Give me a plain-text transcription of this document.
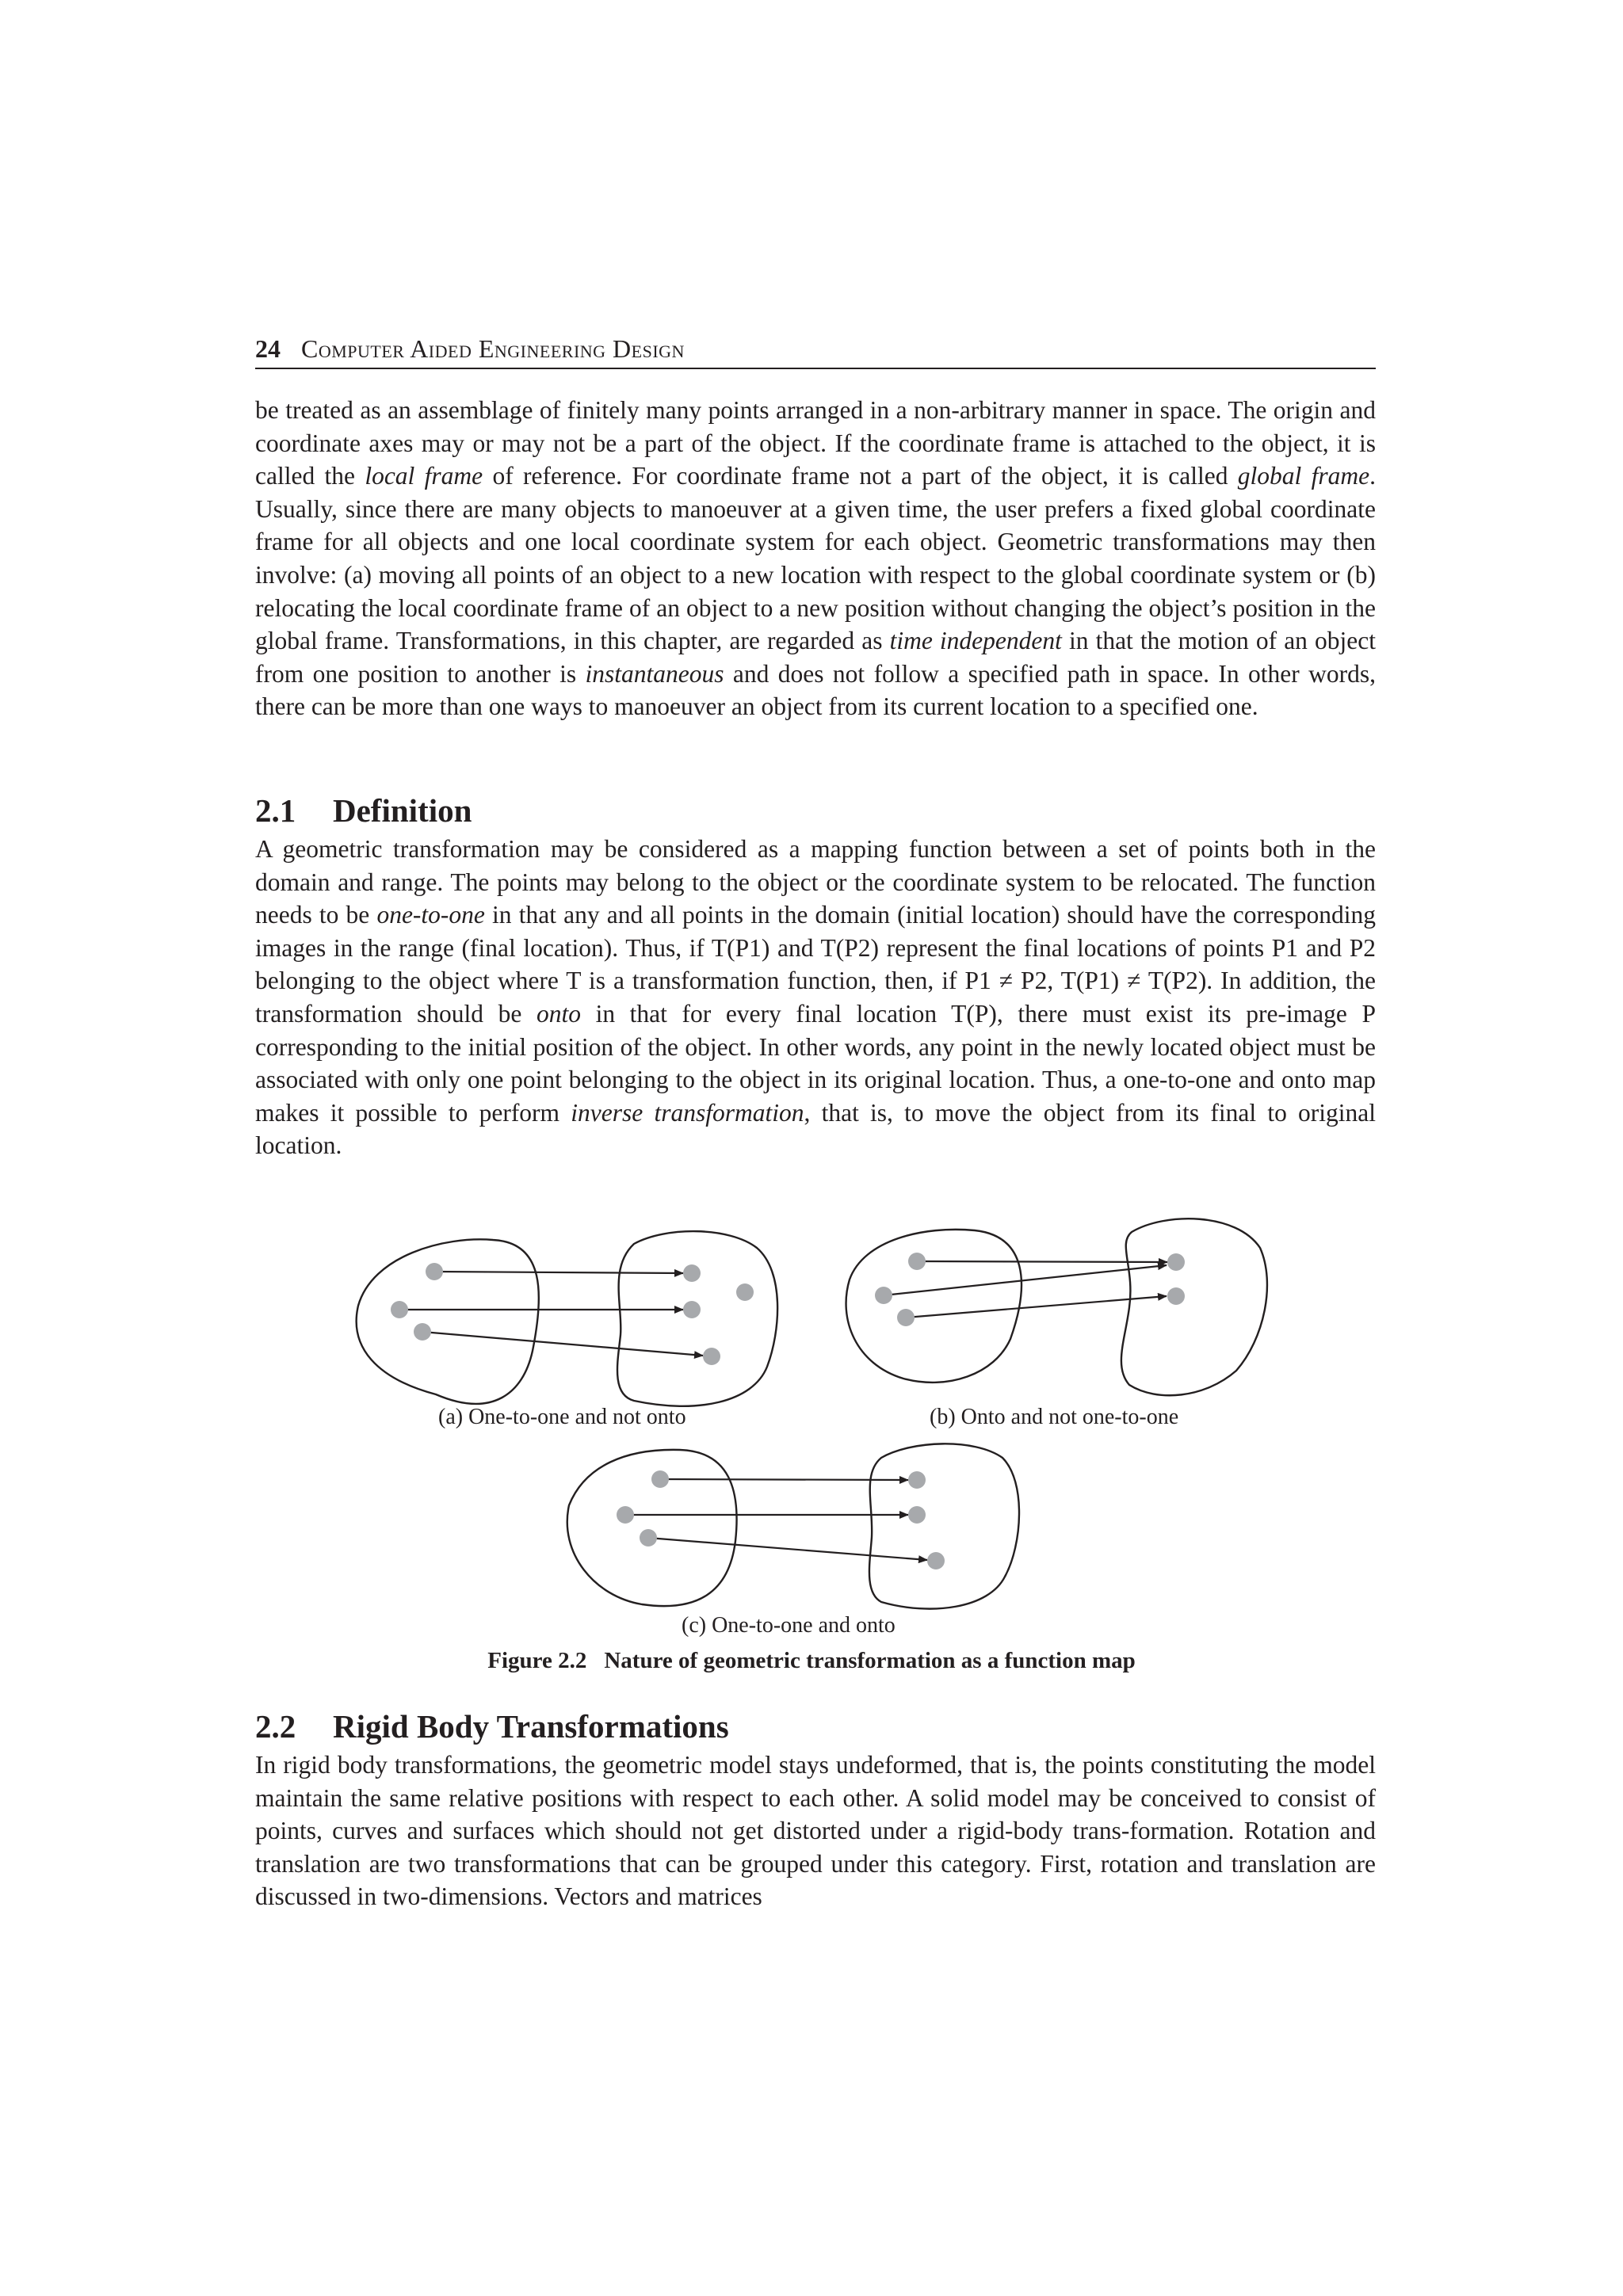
24 Computer Aided Engineering Design

be treated as an assemblage of finitely many points arranged in a non-arbitrary manner in space. The origin and coordinate axes may or may not be a part of the object. If the coordinate frame is attached to the object, it is called the local frame of reference. For coordinate frame not a part of the object, it is called global frame. Usually, since there are many objects to manoeuver at a given time, the user prefers a fixed global coordinate frame for all objects and one local coordinate system for each object. Geometric transformations may then involve: (a) moving all points of an object to a new location with respect to the global coordinate system or (b) relocating the local coordinate frame of an object to a new position without changing the object’s position in the global frame. Transformations, in this chapter, are regarded as time independent in that the motion of an object from one position to another is instantaneous and does not follow a specified path in space. In other words, there can be more than one ways to manoeuver an object from its current location to a specified one.

2.1 Definition

A geometric transformation may be considered as a mapping function between a set of points both in the domain and range. The points may belong to the object or the coordinate system to be relocated. The function needs to be one-to-one in that any and all points in the domain (initial location) should have the corresponding images in the range (final location). Thus, if T(P1) and T(P2) represent the final locations of points P1 and P2 belonging to the object where T is a transformation function, then, if P1 ≠ P2, T(P1) ≠ T(P2). In addition, the transformation should be onto in that for every final location T(P), there must exist its pre-image P corresponding to the initial position of the object. In other words, any point in the newly located object must be associated with only one point belonging to the object in its original location. Thus, a one-to-one and onto map makes it possible to perform inverse transformation, that is, to move the object from its final to original location.

(a) One-to-one and not onto	(b) Onto and not one-to-one
(c) One-to-one and onto
Figure 2.2 Nature of geometric transformation as a function map
2.2 Rigid Body Transformations

In rigid body transformations, the geometric model stays undeformed, that is, the points constituting the model maintain the same relative positions with respect to each other. A solid model may be conceived to consist of points, curves and surfaces which should not get distorted under a rigid-body trans-formation. Rotation and translation are two transformations that can be grouped under this category. First, rotation and translation are discussed in two-dimensions. Vectors and matrices
